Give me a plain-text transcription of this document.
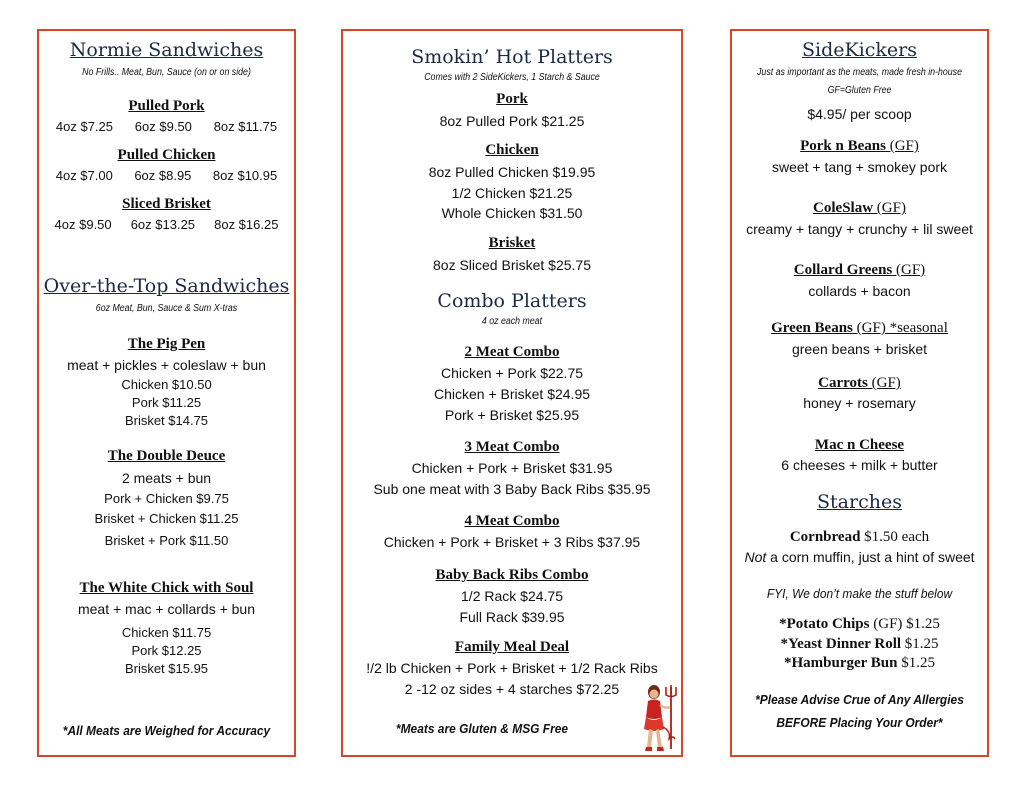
Normie Sandwiches
No Frills.. Meat, Bun, Sauce (on or on side)
Pulled Pork
4oz $7.25 6oz $9.50 8oz $11.75
Pulled Chicken
4oz $7.00 6oz $8.95 8oz $10.95
Sliced Brisket
4oz $9.50 6oz $13.25 8oz $16.25
Over-the-Top Sandwiches
6oz Meat, Bun, Sauce & Sum X-tras
The Pig Pen
meat + pickles + coleslaw + bun
Chicken $10.50
Pork $11.25
Brisket $14.75
The Double Deuce
2 meats + bun
Pork + Chicken $9.75
Brisket + Chicken $11.25
Brisket + Pork $11.50
The White Chick with Soul
meat + mac + collards + bun
Chicken $11.75
Pork $12.25
Brisket $15.95
*All Meats are Weighed for Accuracy
Smokin’ Hot Platters
Comes with 2 SideKickers, 1 Starch & Sauce
Pork
8oz Pulled Pork $21.25
Chicken
8oz Pulled Chicken $19.95
1/2 Chicken $21.25
Whole Chicken $31.50
Brisket
8oz Sliced Brisket $25.75
Combo Platters
4 oz each meat
2 Meat Combo
Chicken + Pork $22.75
Chicken + Brisket $24.95
Pork + Brisket $25.95
3 Meat Combo
Chicken + Pork + Brisket $31.95
Sub one meat with 3 Baby Back Ribs $35.95
4 Meat Combo
Chicken + Pork + Brisket + 3 Ribs $37.95
Baby Back Ribs Combo
1/2 Rack $24.75
Full Rack $39.95
Family Meal Deal
!/2 lb Chicken + Pork + Brisket + 1/2 Rack Ribs
2 -12 oz sides + 4 starches $72.25
*Meats are Gluten & MSG Free
SideKickers
Just as important as the meats, made fresh in-house
GF=Gluten Free
$4.95/ per scoop
Pork n Beans (GF)
sweet + tang + smokey pork
ColeSlaw (GF)
creamy + tangy + crunchy + lil sweet
Collard Greens (GF)
collards + bacon
Green Beans (GF) *seasonal
green beans + brisket
Carrots (GF)
honey + rosemary
Mac n Cheese
6 cheeses + milk + butter
Starches
Cornbread $1.50 each
Not a corn muffin, just a hint of sweet
FYI, We don’t make the stuff below
*Potato Chips (GF) $1.25
*Yeast Dinner Roll $1.25
*Hamburger Bun $1.25
*Please Advise Crue of Any Allergies
BEFORE Placing Your Order*
